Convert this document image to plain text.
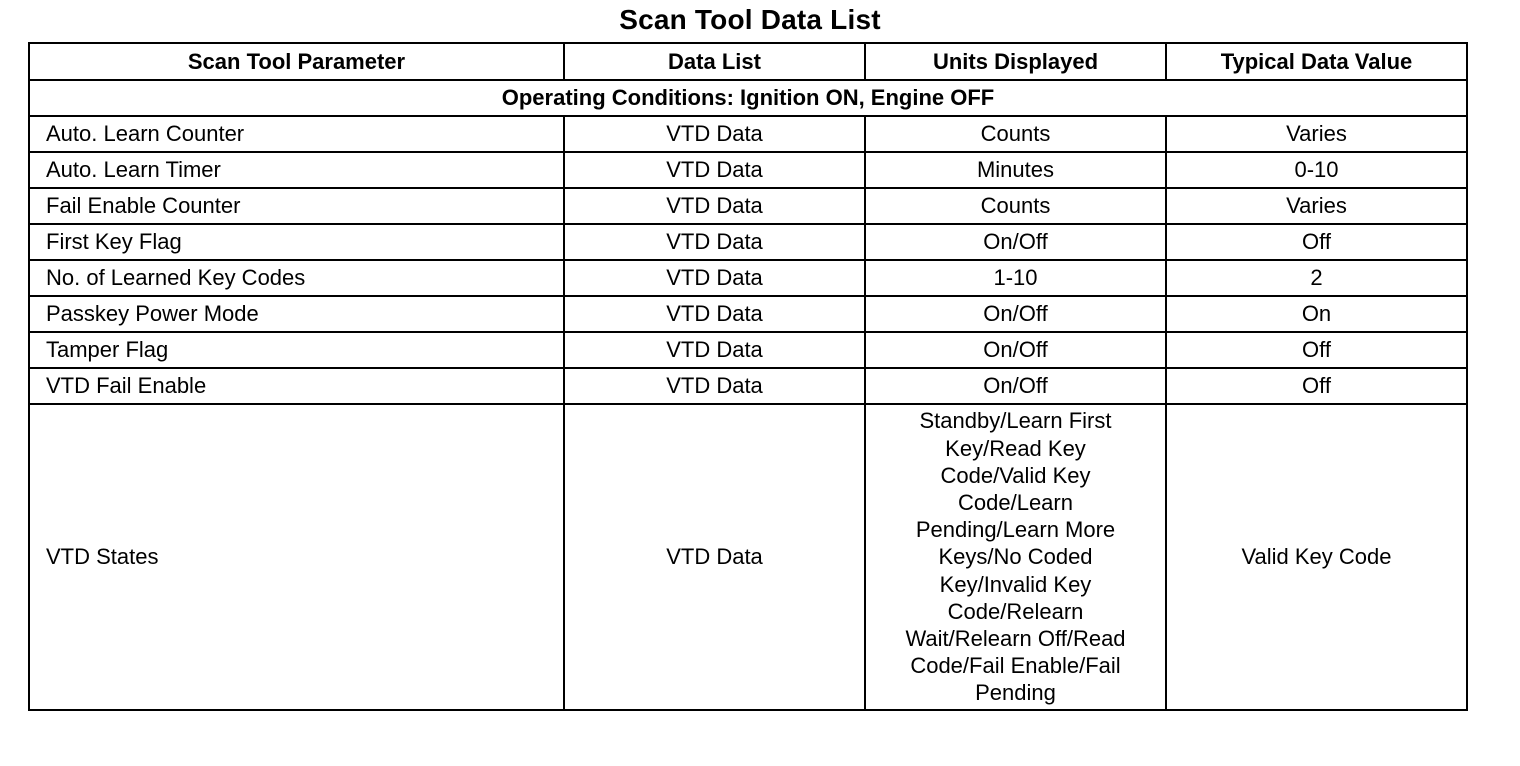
Scan Tool Data List
Scan Tool Parameter	Data List	Units Displayed	Typical Data Value
Operating Conditions: Ignition ON, Engine OFF			
Auto. Learn Counter	VTD Data	Counts	Varies
Auto. Learn Timer	VTD Data	Minutes	0-10
Fail Enable Counter	VTD Data	Counts	Varies
First Key Flag	VTD Data	On/Off	Off
No. of Learned Key Codes	VTD Data	1-10	2
Passkey Power Mode	VTD Data	On/Off	On
Tamper Flag	VTD Data	On/Off	Off
VTD Fail Enable	VTD Data	On/Off	Off
VTD States	VTD Data	Standby/Learn First Key/Read Key Code/Valid Key Code/Learn Pending/Learn More Keys/No Coded Key/Invalid Key Code/Relearn Wait/Relearn Off/Read Code/Fail Enable/Fail Pending	Valid Key Code
